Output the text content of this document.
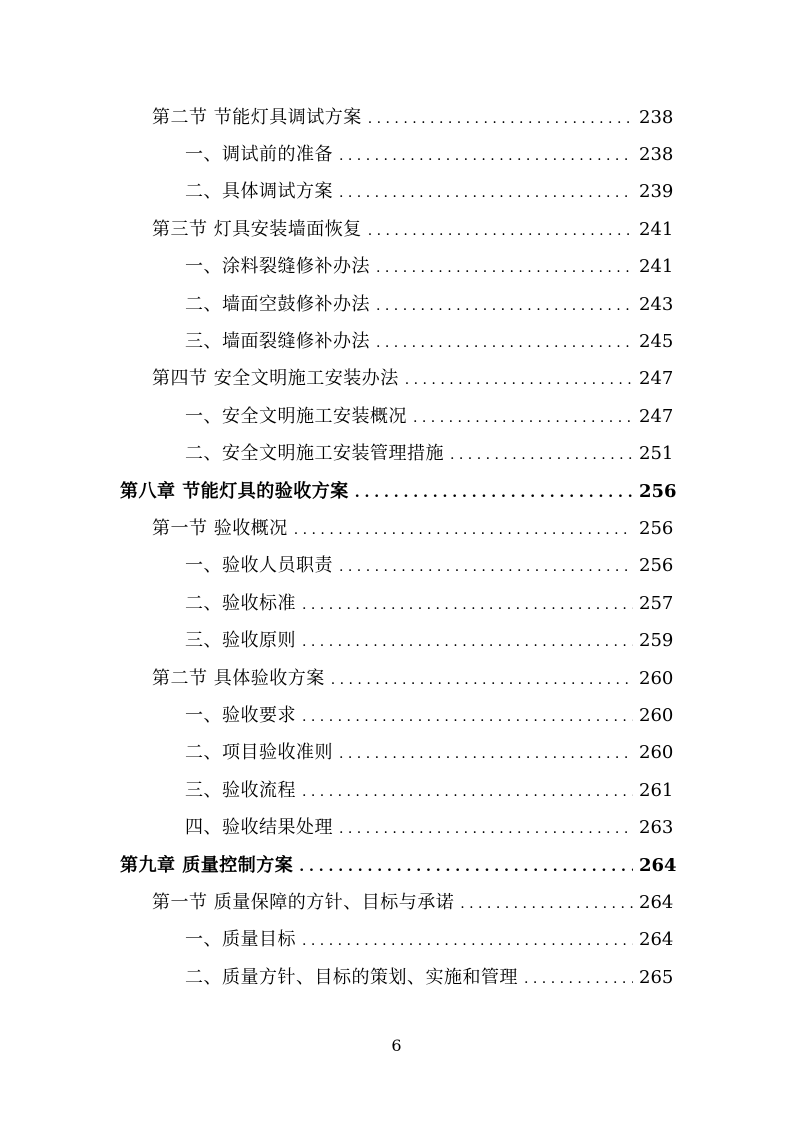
第二节 节能灯具调试方案 . . .	238
一、调试前的准备 . . .	238
二、具体调试方案 . . .	239
第三节 灯具安装墙面恢复 . . .	241
一、涂料裂缝修补办法 . . .	241
二、墙面空鼓修补办法 . . .	243
三、墙面裂缝修补办法 . . .	245
第四节 安全文明施工安装办法 . . .	247
一、安全文明施工安装概况 . . .	247
二、安全文明施工安装管理措施 . . .	251
第八章 节能灯具的验收方案 . . .	256
第一节 验收概况 . . .	256
一、验收人员职责 . . .	256
二、验收标准 . . .	257
三、验收原则 . . .	259
第二节 具体验收方案 . . .	260
一、验收要求 . . .	260
二、项目验收准则 . . .	260
三、验收流程 . . .	261
四、验收结果处理 . . .	263
第九章 质量控制方案 . . .	264
第一节 质量保障的方针、目标与承诺 . . .	264
一、质量目标 . . .	264
二、质量方针、目标的策划、实施和管理 . . .	265
6
